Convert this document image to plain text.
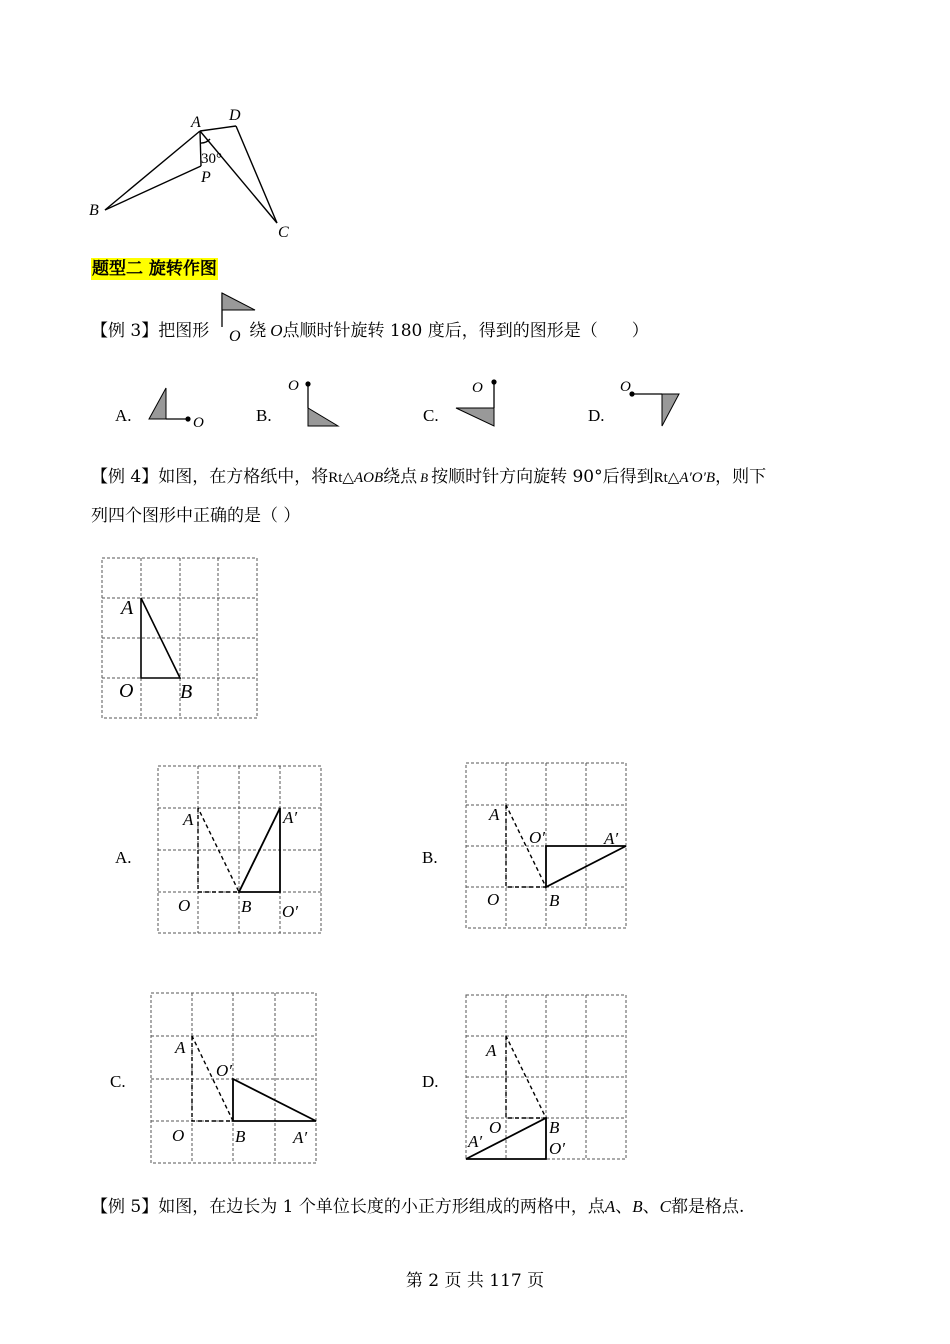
A D
30°
P
B
C
题型二 旋转作图
【例 3】把图形 绕 O点顺时针旋转 180 度后，得到的图形是（　　）
O
A.	B.	C.	D.
O
O	O	O
【例 4】如图，在方格纸中，将Rt△AOB绕点 B 按顺时针方向旋转 90°后得到Rt△A′O′B，则下
列四个图形中正确的是（ ）
A
O B
A.	B.
C.	D.
A
O	B
A′
O′
A
O	B
A′
O′
A
O	B	A′
O′
A
O	B
A′	O′
【例 5】如图，在边长为 1 个单位长度的小正方形组成的两格中，点A、B、C都是格点.
第 2 页 共 117 页
